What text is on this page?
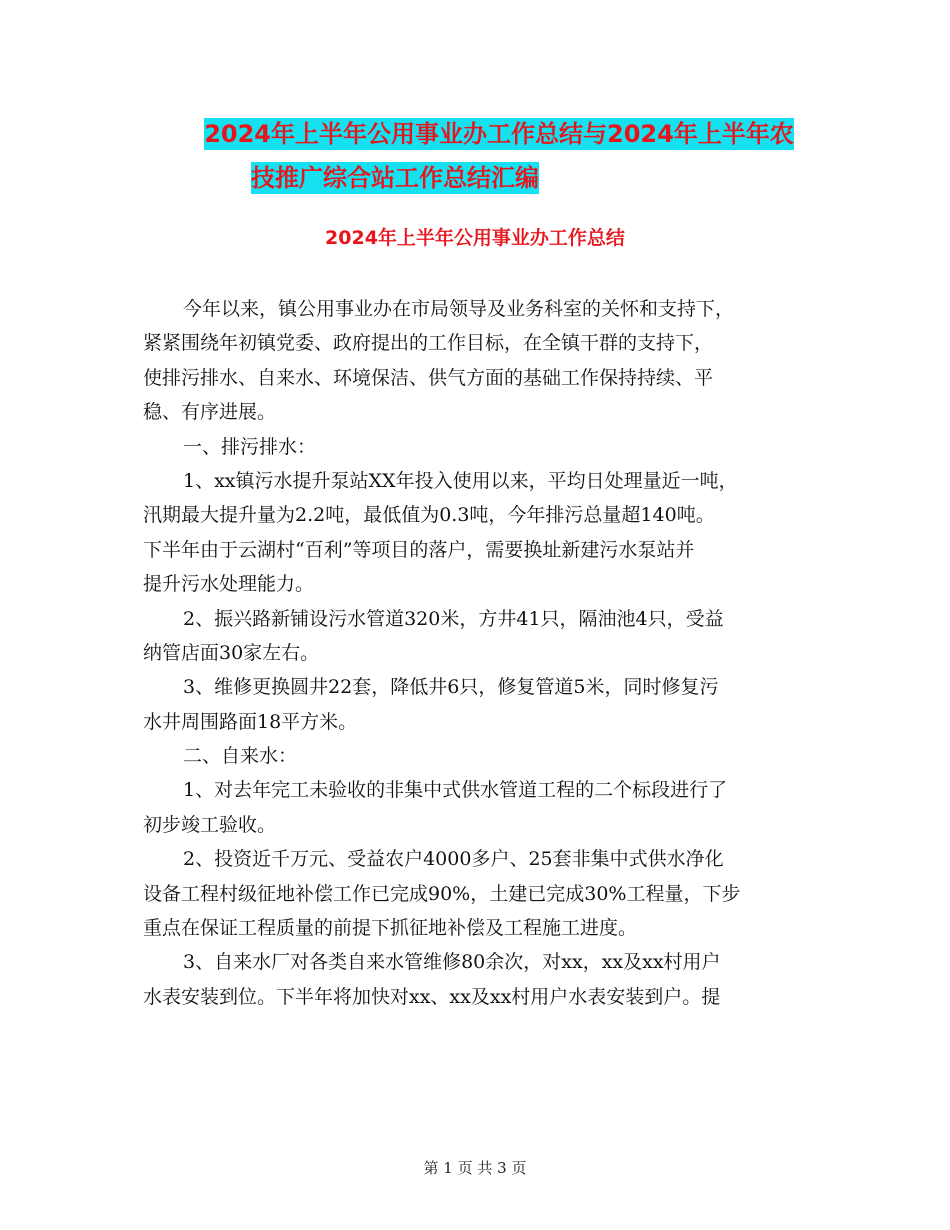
2024年上半年公用事业办工作总结与2024年上半年农
技推广综合站工作总结汇编
2024年上半年公用事业办工作总结
今年以来，镇公用事业办在市局领导及业务科室的关怀和支持下，
紧紧围绕年初镇党委、政府提出的工作目标，在全镇干群的支持下，
使排污排水、自来水、环境保洁、供气方面的基础工作保持持续、平
稳、有序进展。
一、排污排水：
1、xx镇污水提升泵站XX年投入使用以来，平均日处理量近一吨，
汛期最大提升量为2.2吨，最低值为0.3吨，今年排污总量超140吨。
下半年由于云湖村“百利”等项目的落户，需要换址新建污水泵站并
提升污水处理能力。
2、振兴路新铺设污水管道320米，方井41只，隔油池4只，受益
纳管店面30家左右。
3、维修更换圆井22套，降低井6只，修复管道5米，同时修复污
水井周围路面18平方米。
二、自来水：
1、对去年完工未验收的非集中式供水管道工程的二个标段进行了
初步竣工验收。
2、投资近千万元、受益农户4000多户、25套非集中式供水净化
设备工程村级征地补偿工作已完成90%，土建已完成30%工程量，下步
重点在保证工程质量的前提下抓征地补偿及工程施工进度。
3、自来水厂对各类自来水管维修80余次，对xx，xx及xx村用户
水表安装到位。下半年将加快对xx、xx及xx村用户水表安装到户。提
第 1 页 共 3 页
